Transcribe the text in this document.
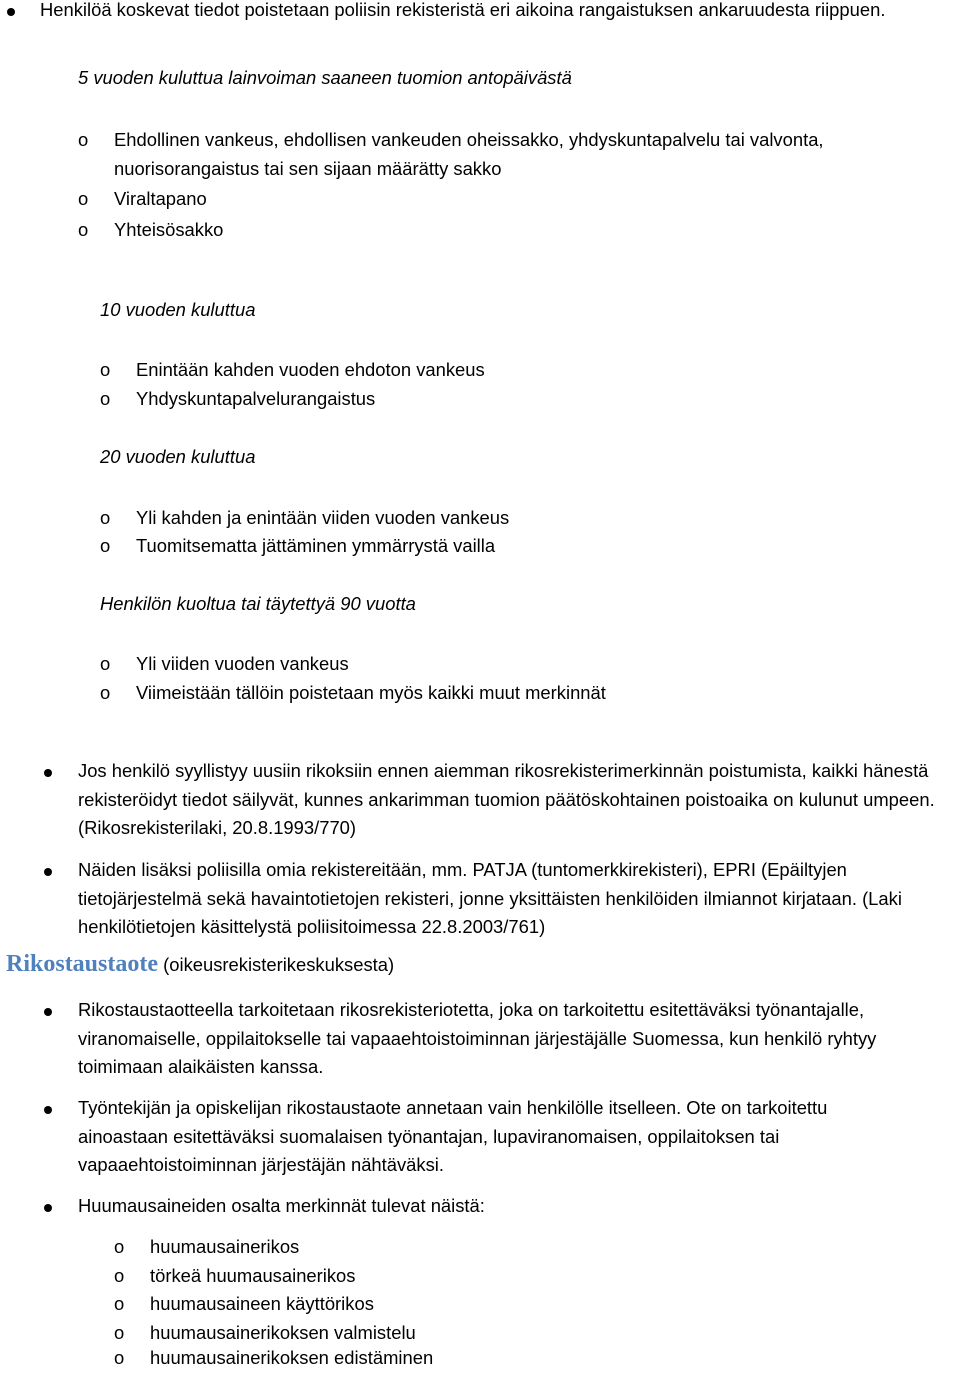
Henkilöä koskevat tiedot poistetaan poliisin rekisteristä eri aikoina rangaistuksen ankaruudesta riippuen.

5 vuoden kuluttua lainvoiman saaneen tuomion antopäivästä

o Ehdollinen vankeus, ehdollisen vankeuden oheissakko, yhdyskuntapalvelu tai valvonta, nuorisorangaistus tai sen sijaan määrätty sakko

o Viraltapano

o Yhteisösakko

10 vuoden kuluttua

o Enintään kahden vuoden ehdoton vankeus

o Yhdyskuntapalvelurangaistus

20 vuoden kuluttua

o Yli kahden ja enintään viiden vuoden vankeus

o Tuomitsematta jättäminen ymmärrystä vailla

Henkilön kuoltua tai täytettyä 90 vuotta

o Yli viiden vuoden vankeus

o Viimeistään tällöin poistetaan myös kaikki muut merkinnät

Jos henkilö syyllistyy uusiin rikoksiin ennen aiemman rikosrekisterimerkinnän poistumista, kaikki hänestä rekisteröidyt tiedot säilyvät, kunnes ankarimman tuomion päätöskohtainen poistoaika on kulunut umpeen. (Rikosrekisterilaki, 20.8.1993/770)

Näiden lisäksi poliisilla omia rekistereitään, mm. PATJA (tuntomerkkirekisteri), EPRI (Epäiltyjen tietojärjestelmä sekä havaintotietojen rekisteri, jonne yksittäisten henkilöiden ilmiannot kirjataan. (Laki henkilötietojen käsittelystä poliisitoimessa 22.8.2003/761)

Rikostaustaote (oikeusrekisterikeskuksesta)

Rikostaustaotteella tarkoitetaan rikosrekisteriotetta, joka on tarkoitettu esitettäväksi työnantajalle, viranomaiselle, oppilaitokselle tai vapaaehtoistoiminnan järjestäjälle Suomessa, kun henkilö ryhtyy toimimaan alaikäisten kanssa.

Työntekijän ja opiskelijan rikostaustaote annetaan vain henkilölle itselleen. Ote on tarkoitettu ainoastaan esitettäväksi suomalaisen työnantajan, lupaviranomaisen, oppilaitoksen tai vapaaehtoistoiminnan järjestäjän nähtäväksi.

Huumausaineiden osalta merkinnät tulevat näistä:

o huumausainerikos

o törkeä huumausainerikos

o huumausaineen käyttörikos

o huumausainerikoksen valmistelu

o huumausainerikoksen edistäminen
